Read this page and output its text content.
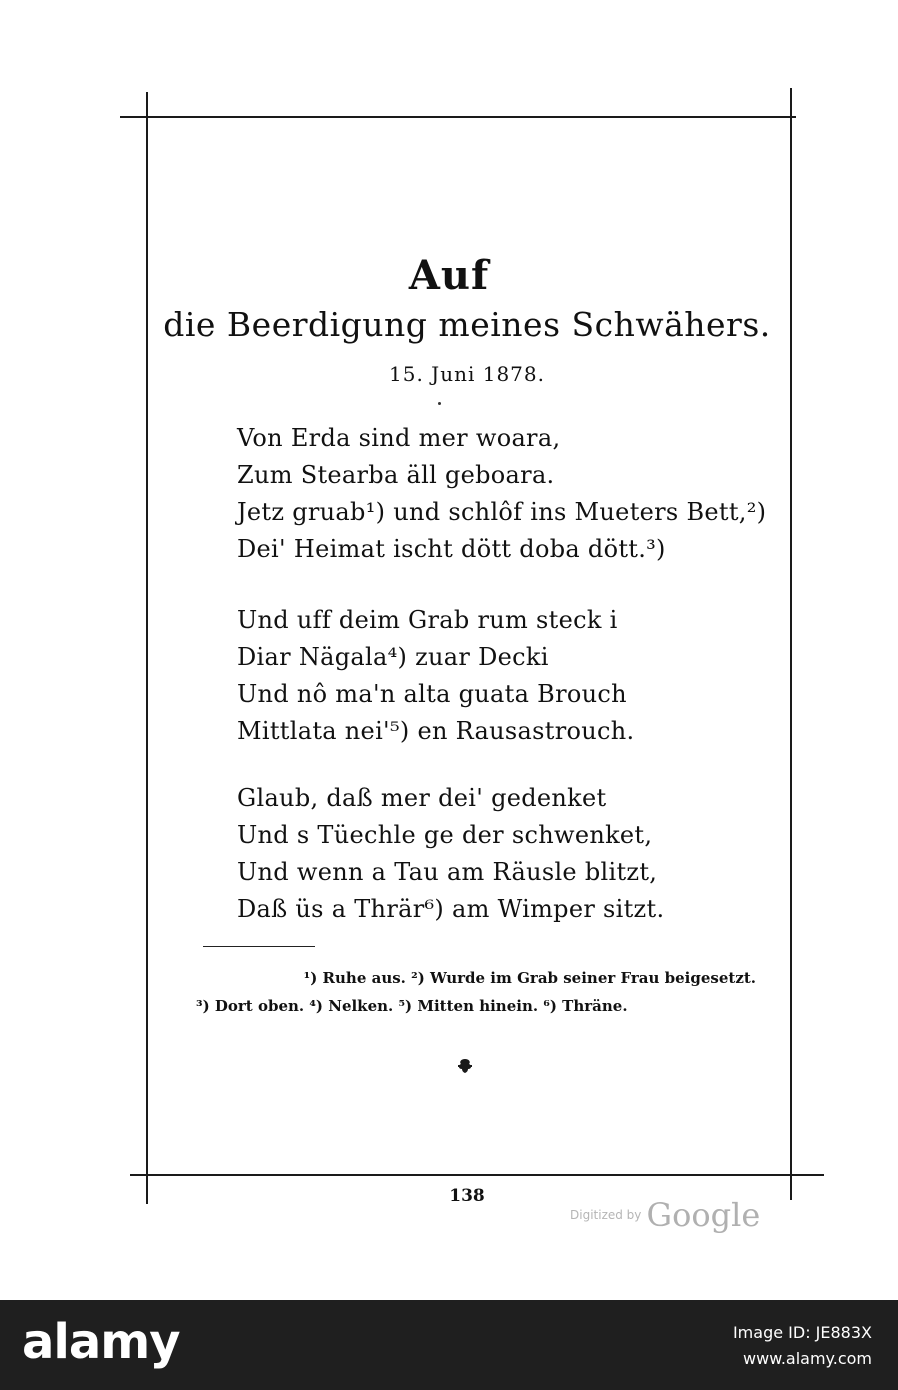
Auf
die Beerdigung meines Schwähers.
15. Juni 1878.
Von Erda sind mer woara,
Zum Stearba äll geboara.
Jetz gruab¹) und schlôf ins Mueters Bett,²)
Dei' Heimat ischt dött doba dött.³)
Und uff deim Grab rum steck i
Diar Nägala⁴) zuar Decki
Und nô ma'n alta guata Brouch
Mittlata nei'⁵) en Rausastrouch.
Glaub, daß mer dei' gedenket
Und s Tüechle ge der schwenket,
Und wenn a Tau am Räusle blitzt,
Daß üs a Thrär⁶) am Wimper sitzt.
¹) Ruhe aus. ²) Wurde im Grab seiner Frau beigesetzt.
³) Dort oben. ⁴) Nelken. ⁵) Mitten hinein. ⁶) Thräne.
138
Digitized by Google
alamy	Image ID: JE883X
www.alamy.com
